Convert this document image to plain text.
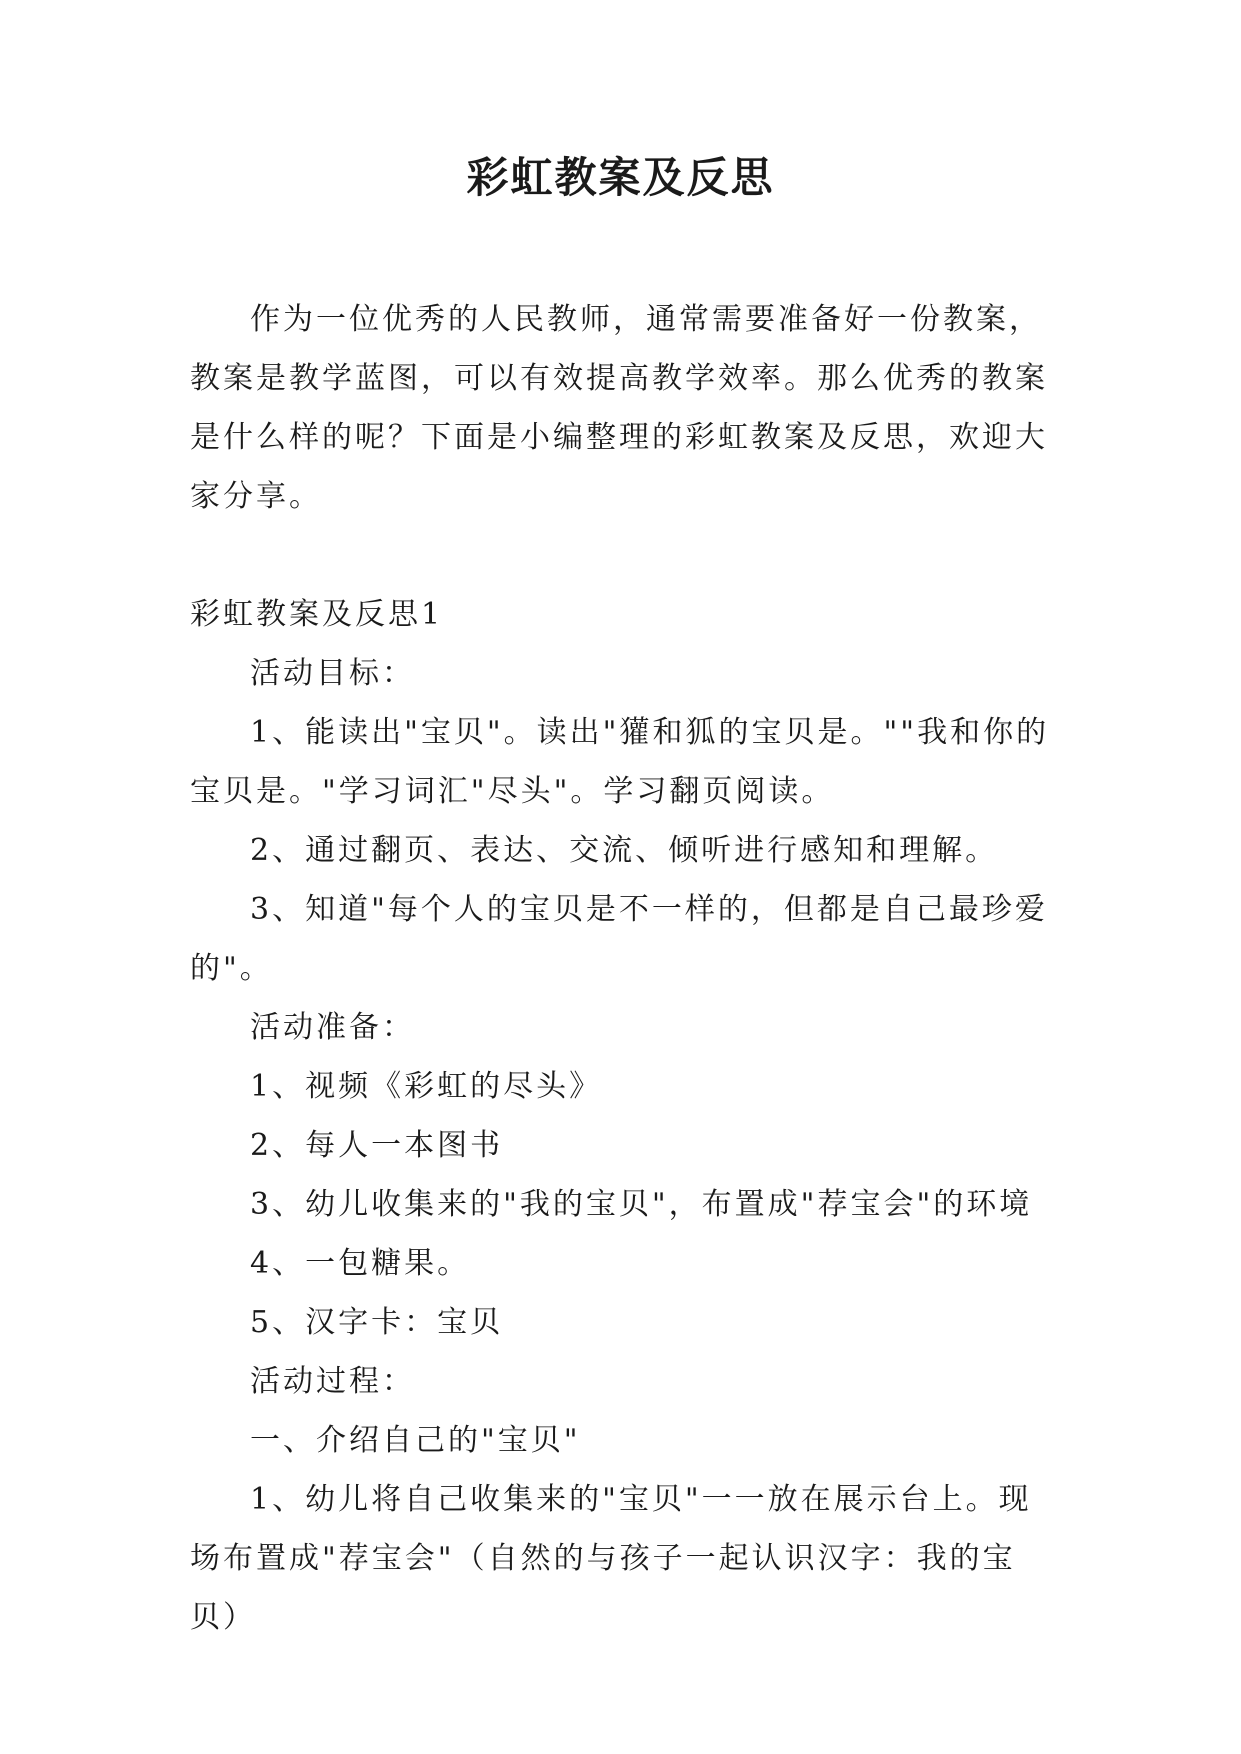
彩虹教案及反思

作为一位优秀的人民教师，通常需要准备好一份教案，教案是教学蓝图，可以有效提高教学效率。那么优秀的教案是什么样的呢？下面是小编整理的彩虹教案及反思，欢迎大家分享。

彩虹教案及反思1

活动目标：

1、能读出"宝贝"。读出"獾和狐的宝贝是。""我和你的宝贝是。"学习词汇"尽头"。学习翻页阅读。

2、通过翻页、表达、交流、倾听进行感知和理解。

3、知道"每个人的宝贝是不一样的，但都是自己最珍爱的"。

活动准备：

1、视频《彩虹的尽头》

2、每人一本图书

3、幼儿收集来的"我的宝贝"，布置成"荐宝会"的环境

4、一包糖果。

5、汉字卡：宝贝

活动过程：

一、介绍自己的"宝贝"

1、幼儿将自己收集来的"宝贝"一一放在展示台上。现场布置成"荐宝会"（自然的与孩子一起认识汉字：我的宝贝）
